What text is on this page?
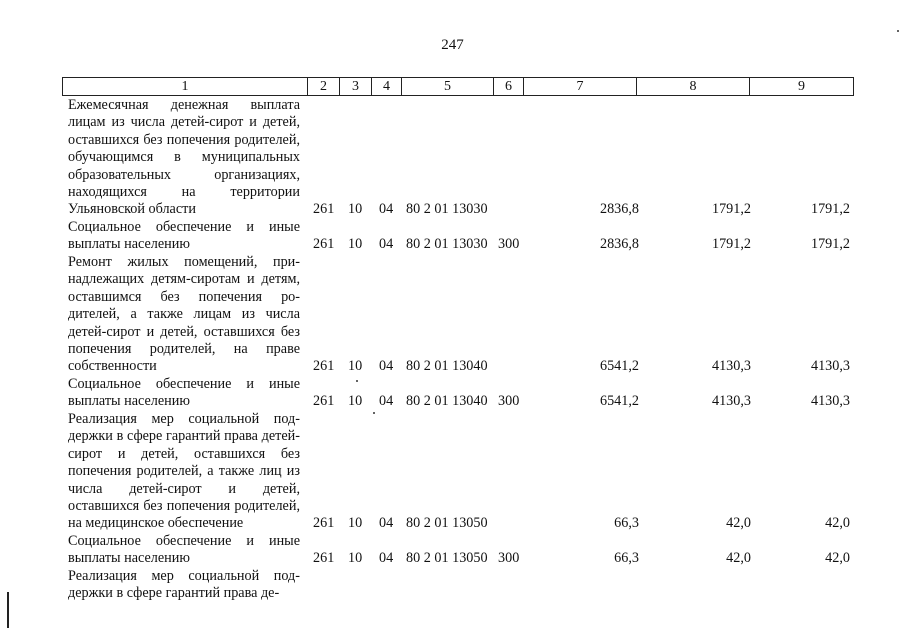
247
1	2	3	4	5	6	7	8	9
Ежемесячная денежная выплата лицам из числа детей-сирот и детей, оставшихся без попечения родителей, обучающимся в муниципальных образовательных организациях, находящихся на территории Ульяновской области	261 10 04 80 2 01 13030	2836,8	1791,2	1791,2
Социальное обеспечение и иные выплаты населению	261 10 04 80 2 01 13030 300	2836,8	1791,2	1791,2
Ремонт жилых помещений, принадлежащих детям-сиротам и детям, оставшимся без попечения родителей, а также лицам из числа детей-сирот и детей, оставшихся без попечения родителей, на праве собственности	261 10 04 80 2 01 13040	6541,2	4130,3	4130,3
Социальное обеспечение и иные выплаты населению	261 10 04 80 2 01 13040 300	6541,2	4130,3	4130,3
Реализация мер социальной поддержки в сфере гарантий права детей-сирот и детей, оставшихся без попечения родителей, а также лиц из числа детей-сирот и детей, оставшихся без попечения родителей, на медицинское обеспечение	261 10 04 80 2 01 13050	66,3	42,0	42,0
Социальное обеспечение и иные выплаты населению	261 10 04 80 2 01 13050 300	66,3	42,0	42,0
Реализация мер социальной поддержки в сфере гарантий права де-
